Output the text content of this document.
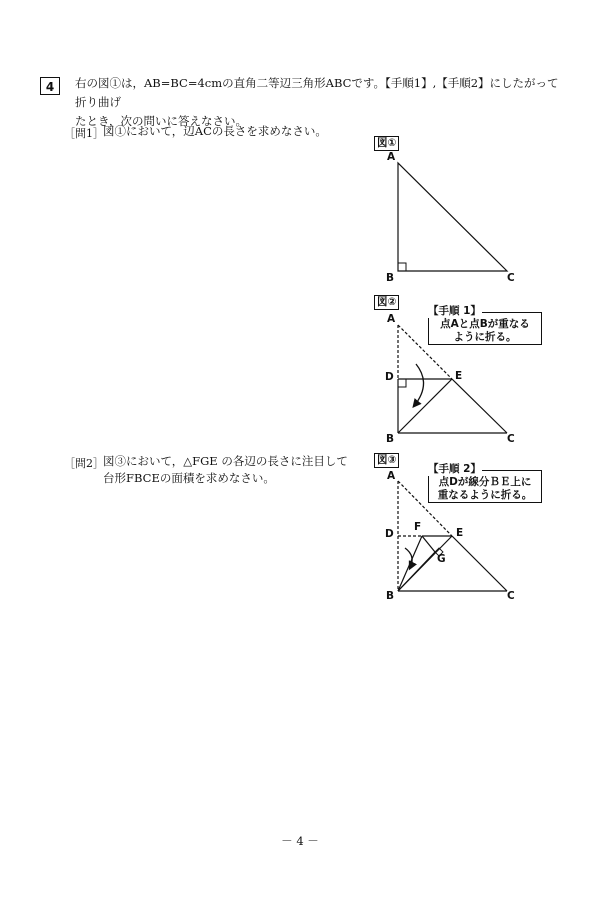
4	右の図①は，AB=BC=4cmの直角二等辺三角形ABCです。【手順1】,【手順2】にしたがって折り曲げ
たとき，次の問いに答えなさい。
［問1］ 図①において，辺ACの長さを求めなさい。
［問2］ 図③において，△FGE の各辺の長さに注目して
台形FBCEの面積を求めなさい。
図①
図②
図③
A
B	C
A
D	E
B	C
A
D
F	E
G
B	C
【手順 1】
点Aと点Bが重なる
ように折る。
【手順 2】
点Dが線分ＢＥ上に
重なるように折る。
－ 4 －
